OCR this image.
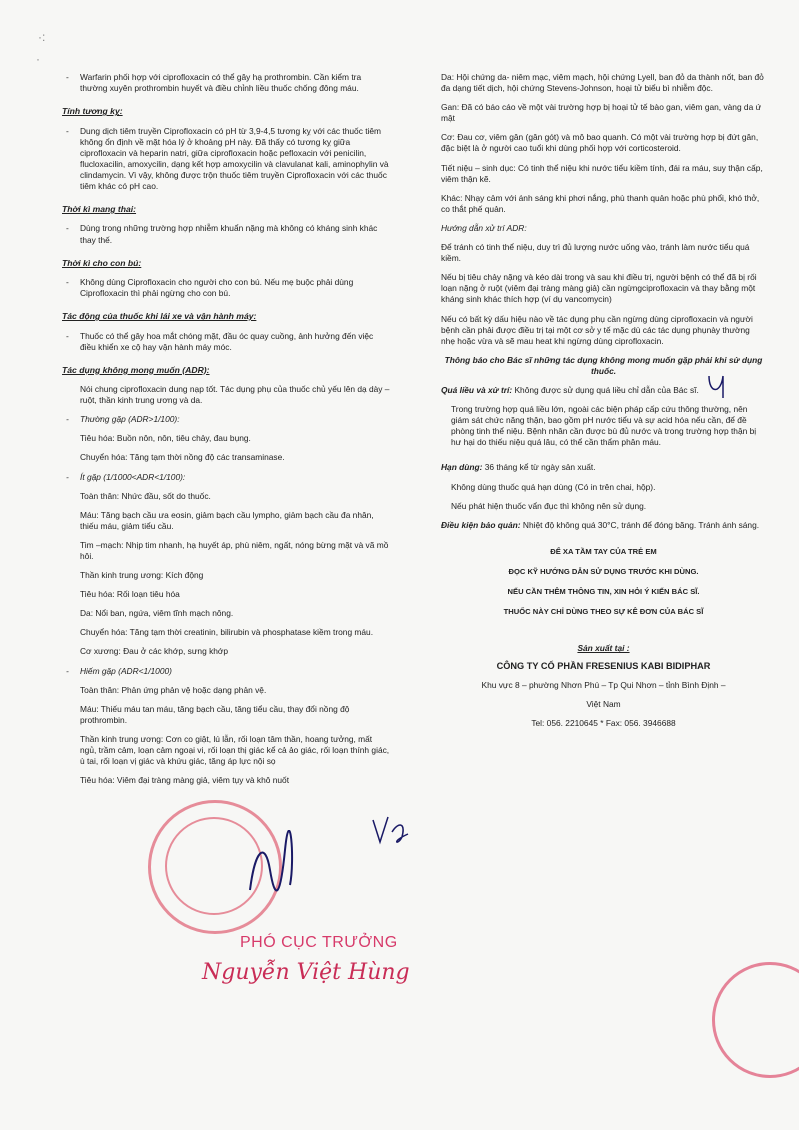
·:
·
- Warfarin phối hợp với ciprofloxacin có thể gây hạ prothrombin. Cần kiểm tra thường xuyên prothrombin huyết và điều chỉnh liều thuốc chống đông máu.
Tính tương kỵ:
- Dung dịch tiêm truyền Ciprofloxacin có pH từ 3,9-4,5 tương kỵ với các thuốc tiêm không ổn định về mặt hóa lý ở khoảng pH này. Đã thấy có tương kỵ giữa ciprofloxacin và heparin natri, giữa ciprofloxacin hoặc pefloxacin với penicilin, flucloxacilin, amoxycilin, dạng kết hợp amoxycilin và clavulanat kali, aminophylin và clindamycin. Vì vậy, không được trộn thuốc tiêm truyền Ciprofloxacin với các thuốc tiêm khác có pH cao.
Thời kì mang thai:
- Dùng trong những trường hợp nhiễm khuẩn nặng mà không có kháng sinh khác thay thế.
Thời kì cho con bú:
- Không dùng Ciprofloxacin cho người cho con bú. Nếu mẹ buộc phải dùng Ciprofloxacin thì phải ngừng cho con bú.
Tác động của thuốc khi lái xe và vận hành máy:
- Thuốc có thể gây hoa mắt chóng mặt, đầu óc quay cuồng, ảnh hưởng đến việc điều khiển xe cộ hay vận hành máy móc.
Tác dụng không mong muốn (ADR):

Nói chung ciprofloxacin dung nạp tốt. Tác dụng phụ của thuốc chủ yếu lên dạ dày – ruột, thần kinh trung ương và da.

- Thường gặp (ADR>1/100):

Tiêu hóa: Buồn nôn, nôn, tiêu chảy, đau bụng.

Chuyển hóa: Tăng tạm thời nồng độ các transaminase.

- Ít gặp (1/1000<ADR<1/100):

Toàn thân: Nhức đầu, sốt do thuốc.

Máu: Tăng bạch cầu ưa eosin, giảm bạch cầu lympho, giảm bạch cầu đa nhân, thiếu máu, giảm tiểu cầu.

Tim –mạch: Nhịp tim nhanh, hạ huyết áp, phù niêm, ngất, nóng bừng mặt và vã mồ hôi.

Thần kinh trung ương: Kích động

Tiêu hóa: Rối loạn tiêu hóa

Da: Nổi ban, ngứa, viêm tĩnh mạch nông.

Chuyển hóa: Tăng tạm thời creatinin, bilirubin và phosphatase kiềm trong máu.

Cơ xương: Đau ở các khớp, sưng khớp

- Hiếm gặp (ADR<1/1000)

Toàn thân: Phản ứng phản vệ hoặc dạng phản vệ.

Máu: Thiếu máu tan máu, tăng bạch cầu, tăng tiểu cầu, thay đổi nồng độ prothrombin.

Thần kinh trung ương: Cơn co giật, lú lẫn, rối loạn tâm thần, hoang tưởng, mất ngủ, trầm cảm, loạn cảm ngoại vi, rối loạn thị giác kể cả ảo giác, rối loạn thính giác, ù tai, rối loạn vị giác và khứu giác, tăng áp lực nội sọ

Tiêu hóa: Viêm đại tràng màng giả, viêm tụy và khô nuốt

Da: Hội chứng da- niêm mạc, viêm mạch, hội chứng Lyell, ban đỏ da thành nốt, ban đỏ đa dạng tiết dịch, hội chứng Stevens-Johnson, hoại tử biểu bì nhiễm độc.

Gan: Đã có báo cáo về một vài trường hợp bị hoại tử tế bào gan, viêm gan, vàng da ứ mật

Cơ: Đau cơ, viêm gân (gân gót) và mô bao quanh. Có một vài trường hợp bị đứt gân, đặc biệt là ở người cao tuổi khi dùng phối hợp với corticosteroid.

Tiết niệu – sinh dục: Có tinh thể niệu khi nước tiểu kiềm tính, đái ra máu, suy thận cấp, viêm thận kẽ.

Khác: Nhạy cảm với ánh sáng khi phơi nắng, phù thanh quản hoặc phù phổi, khó thở, co thắt phế quản.

Hướng dẫn xử trí ADR:

Để tránh có tinh thể niệu, duy trì đủ lượng nước uống vào, tránh làm nước tiểu quá kiềm.

Nếu bị tiêu chảy nặng và kéo dài trong và sau khi điều trị, người bệnh có thể đã bị rối loạn nặng ở ruột (viêm đại tràng màng giả) cần ngừngciprofloxacin và thay bằng một kháng sinh khác thích hợp (ví dụ vancomycin)

Nếu có bất kỳ dấu hiệu nào về tác dụng phụ cần ngừng dùng ciprofloxacin và người bệnh cần phải được điều trị tại một cơ sở y tế mặc dù các tác dụng phụnày thường nhẹ hoặc vừa và sẽ mau heat khi ngừng dùng ciprofloxacin.

Thông báo cho Bác sĩ những tác dụng không mong muốn gặp phải khi sử dụng thuốc.

Quá liều và xử trí: Không được sử dụng quá liều chỉ dẫn của Bác sĩ.

Trong trường hợp quá liều lớn, ngoài các biện pháp cấp cứu thông thường, nên giám sát chức năng thận, bao gồm pH nước tiểu và sự acid hóa nếu cần, để đề phòng tinh thể niệu. Bệnh nhân cần được bù đủ nước và trong trường hợp thận bị hư hại do thiếu niệu quá lâu, có thể cần thẩm phân máu.

Hạn dùng: 36 tháng kể từ ngày sản xuất.

Không dùng thuốc quá hạn dùng (Có in trên chai, hộp).

Nếu phát hiện thuốc vẩn đục thì không nên sử dụng.

Điều kiện bảo quản: Nhiệt độ không quá 30°C, tránh để đóng băng. Tránh ánh sáng.

ĐỂ XA TẦM TAY CỦA TRẺ EM

ĐỌC KỸ HƯỚNG DẪN SỬ DỤNG TRƯỚC KHI DÙNG.

NẾU CẦN THÊM THÔNG TIN, XIN HỎI Ý KIẾN BÁC SĨ.

THUỐC NÀY CHỈ DÙNG THEO SỰ KÊ ĐƠN CỦA BÁC SĨ

Sản xuất tại :
CÔNG TY CỔ PHẦN FRESENIUS KABI BIDIPHAR

Khu vực 8 – phường Nhơn Phú – Tp Qui Nhơn – tỉnh Bình Định –

Việt Nam

Tel: 056. 2210645 * Fax: 056. 3946688

PHÓ CỤC TRƯỞNG
Nguyễn Việt Hùng
